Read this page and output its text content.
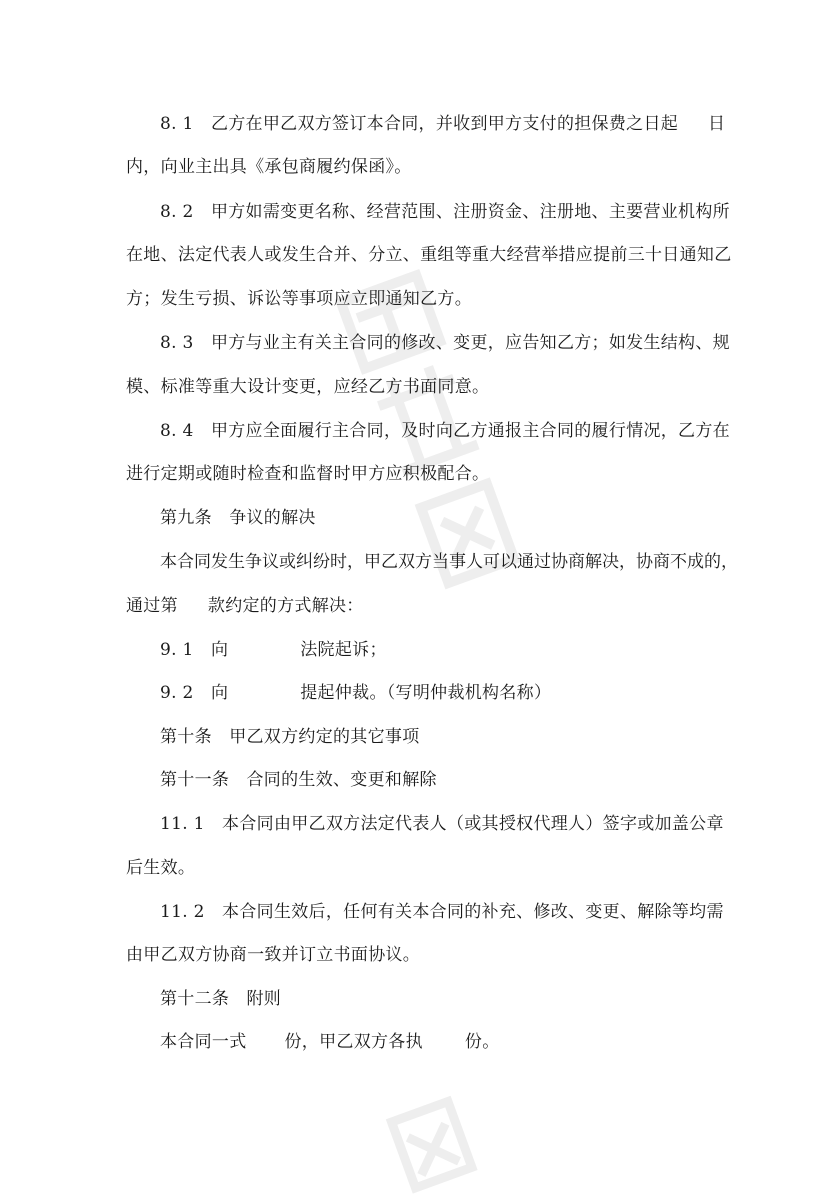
8. 1　乙方在甲乙双方签订本合同，并收到甲方支付的担保费之日起 日
内，向业主出具《承包商履约保函》。
8. 2　甲方如需变更名称、经营范围、注册资金、注册地、主要营业机构所
在地、法定代表人或发生合并、分立、重组等重大经营举措应提前三十日通知乙
方；发生亏损、诉讼等事项应立即通知乙方。
8. 3　甲方与业主有关主合同的修改、变更，应告知乙方；如发生结构、规
模、标准等重大设计变更，应经乙方书面同意。
8. 4　甲方应全面履行主合同，及时向乙方通报主合同的履行情况，乙方在
进行定期或随时检查和监督时甲方应积极配合。
第九条　争议的解决
本合同发生争议或纠纷时，甲乙双方当事人可以通过协商解决，协商不成的，
通过第 款约定的方式解决：
9. 1　向	法院起诉；
9. 2　向	提起仲裁。（写明仲裁机构名称）
第十条　甲乙双方约定的其它事项
第十一条　合同的生效、变更和解除
11. 1　本合同由甲乙双方法定代表人（或其授权代理人）签字或加盖公章
后生效。
11. 2　本合同生效后，任何有关本合同的补充、修改、变更、解除等均需
由甲乙双方协商一致并订立书面协议。
第十二条　附则
本合同一式 份，甲乙双方各执 份。
